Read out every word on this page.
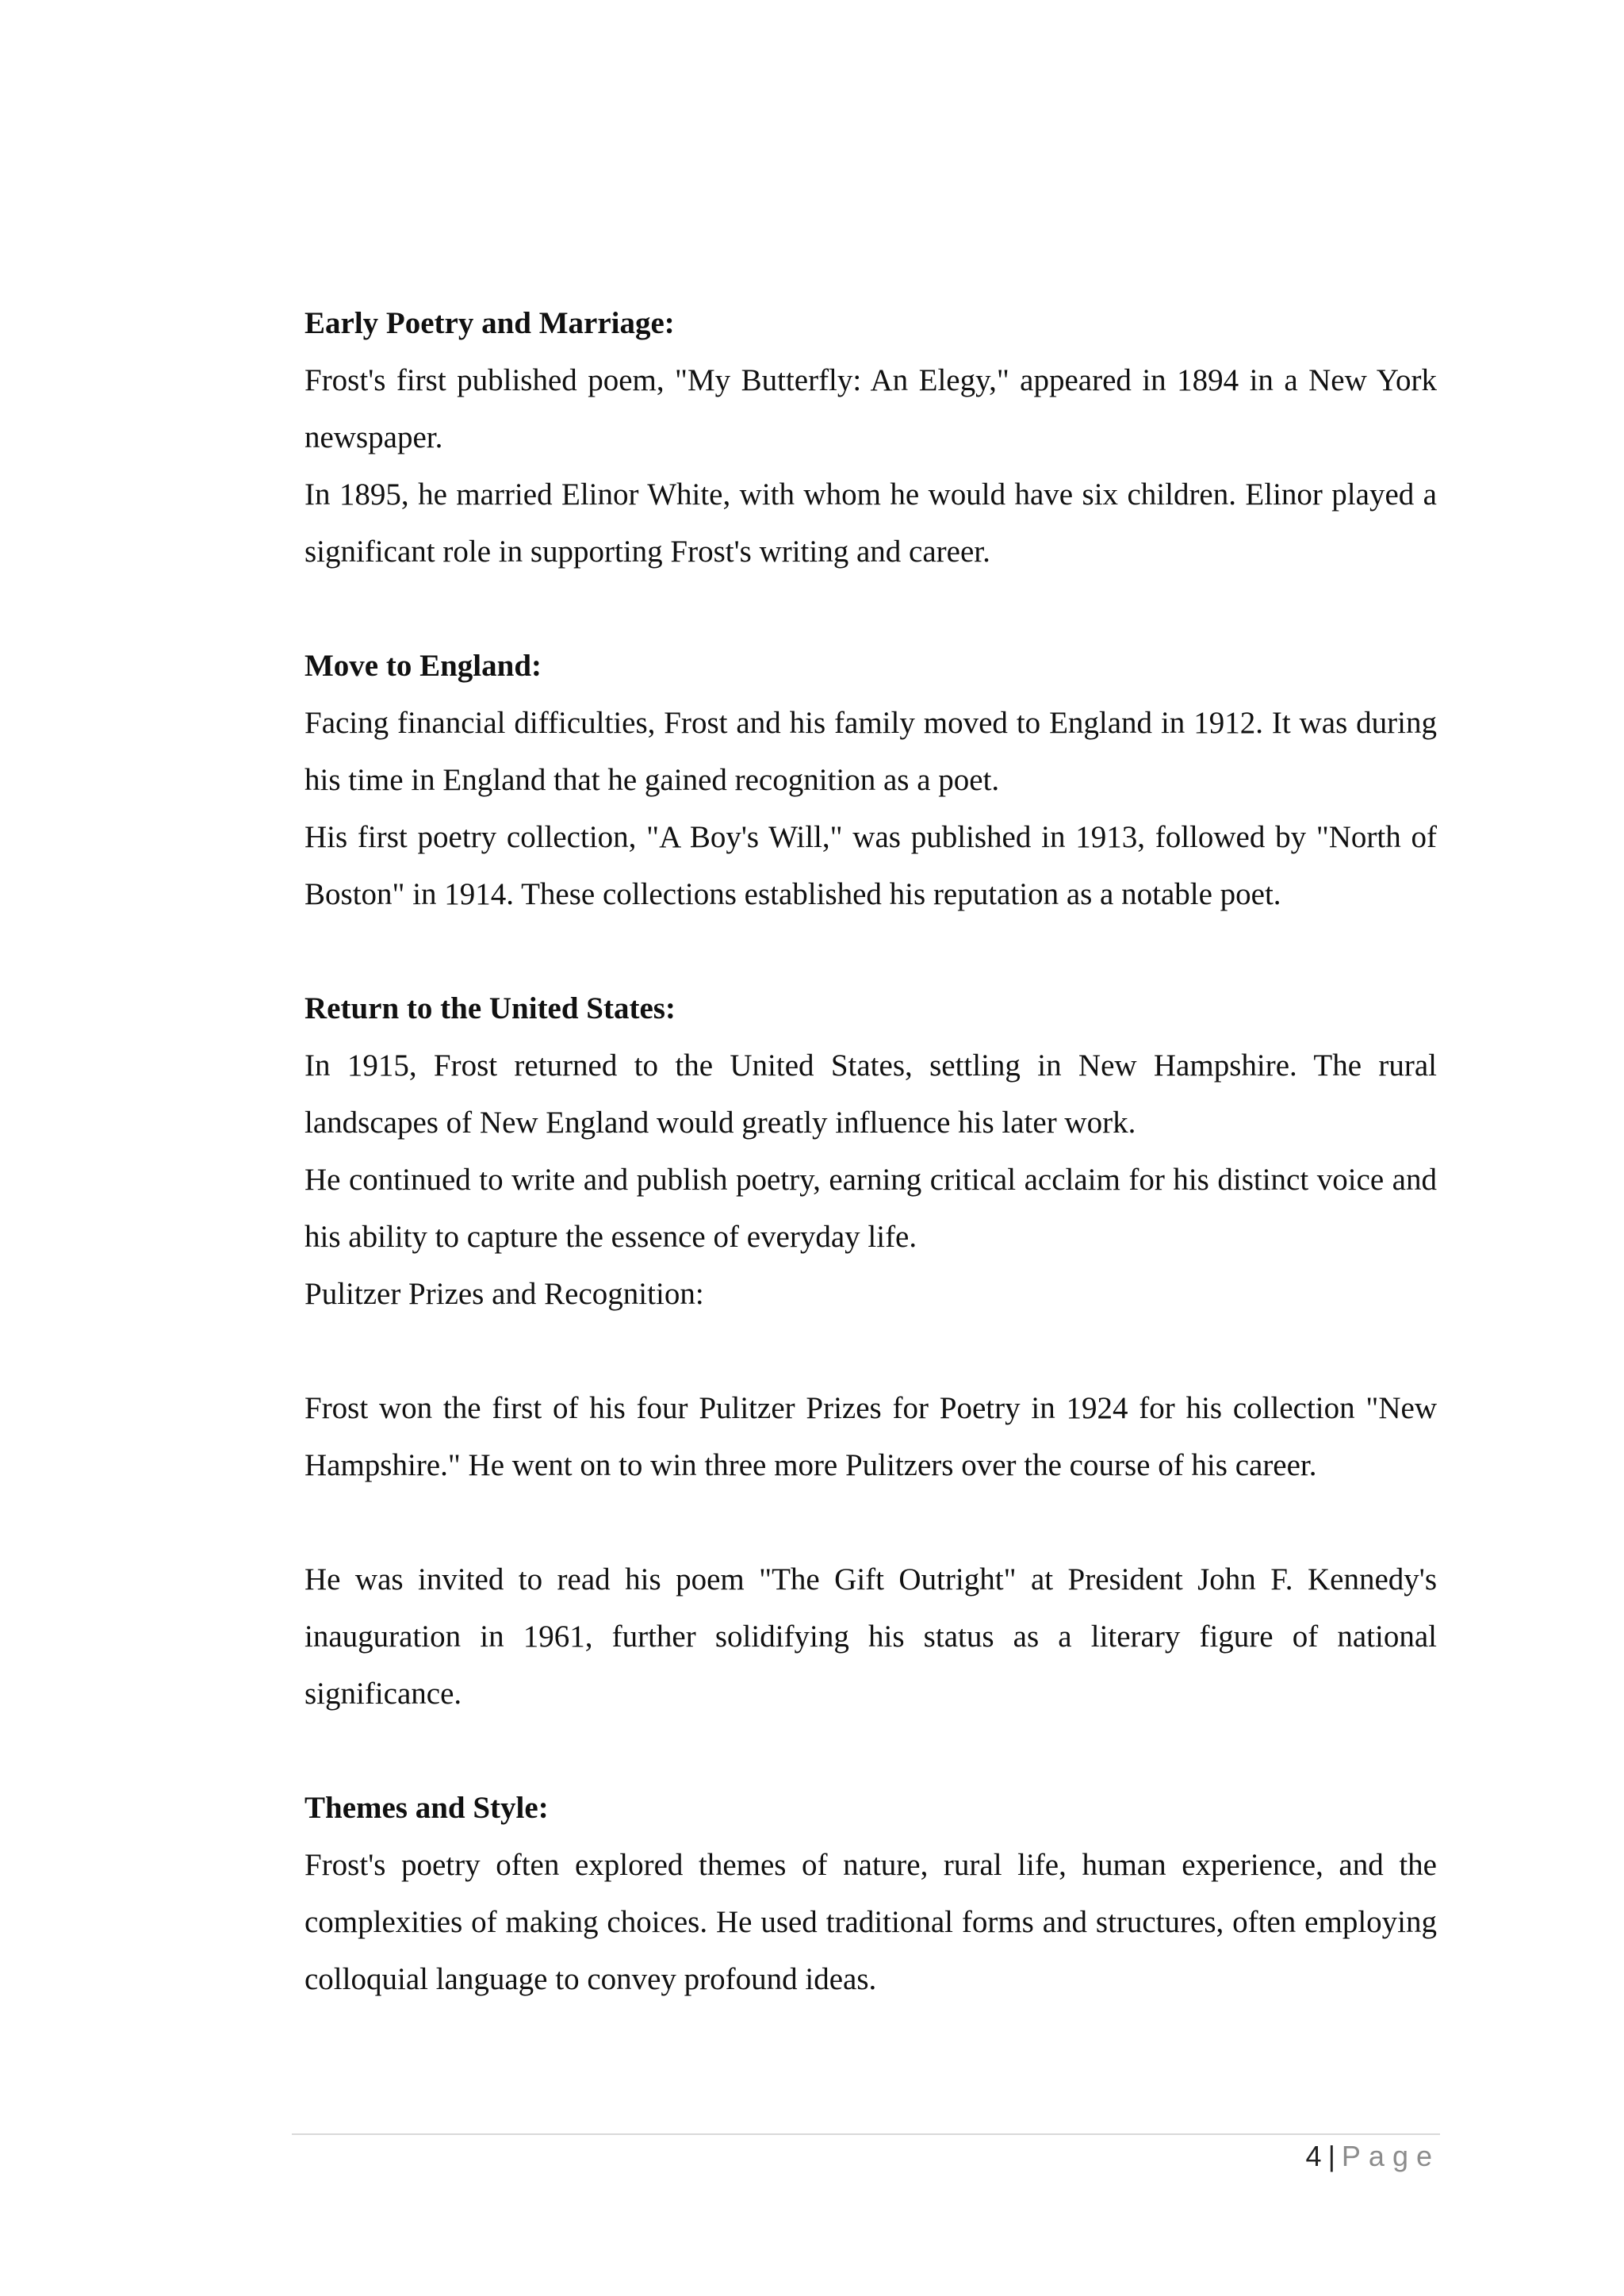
Early Poetry and Marriage:

Frost's first published poem, "My Butterfly: An Elegy," appeared in 1894 in a New York newspaper.

In 1895, he married Elinor White, with whom he would have six children. Elinor played a significant role in supporting Frost's writing and career.

Move to England:

Facing financial difficulties, Frost and his family moved to England in 1912. It was during his time in England that he gained recognition as a poet.

His first poetry collection, "A Boy's Will," was published in 1913, followed by "North of Boston" in 1914. These collections established his reputation as a notable poet.

Return to the United States:

In 1915, Frost returned to the United States, settling in New Hampshire. The rural landscapes of New England would greatly influence his later work.

He continued to write and publish poetry, earning critical acclaim for his distinct voice and his ability to capture the essence of everyday life.

Pulitzer Prizes and Recognition:

Frost won the first of his four Pulitzer Prizes for Poetry in 1924 for his collection "New Hampshire." He went on to win three more Pulitzers over the course of his career.

He was invited to read his poem "The Gift Outright" at President John F. Kennedy's inauguration in 1961, further solidifying his status as a literary figure of national significance.

Themes and Style:

Frost's poetry often explored themes of nature, rural life, human experience, and the complexities of making choices. He used traditional forms and structures, often employing colloquial language to convey profound ideas.

4 | Page
